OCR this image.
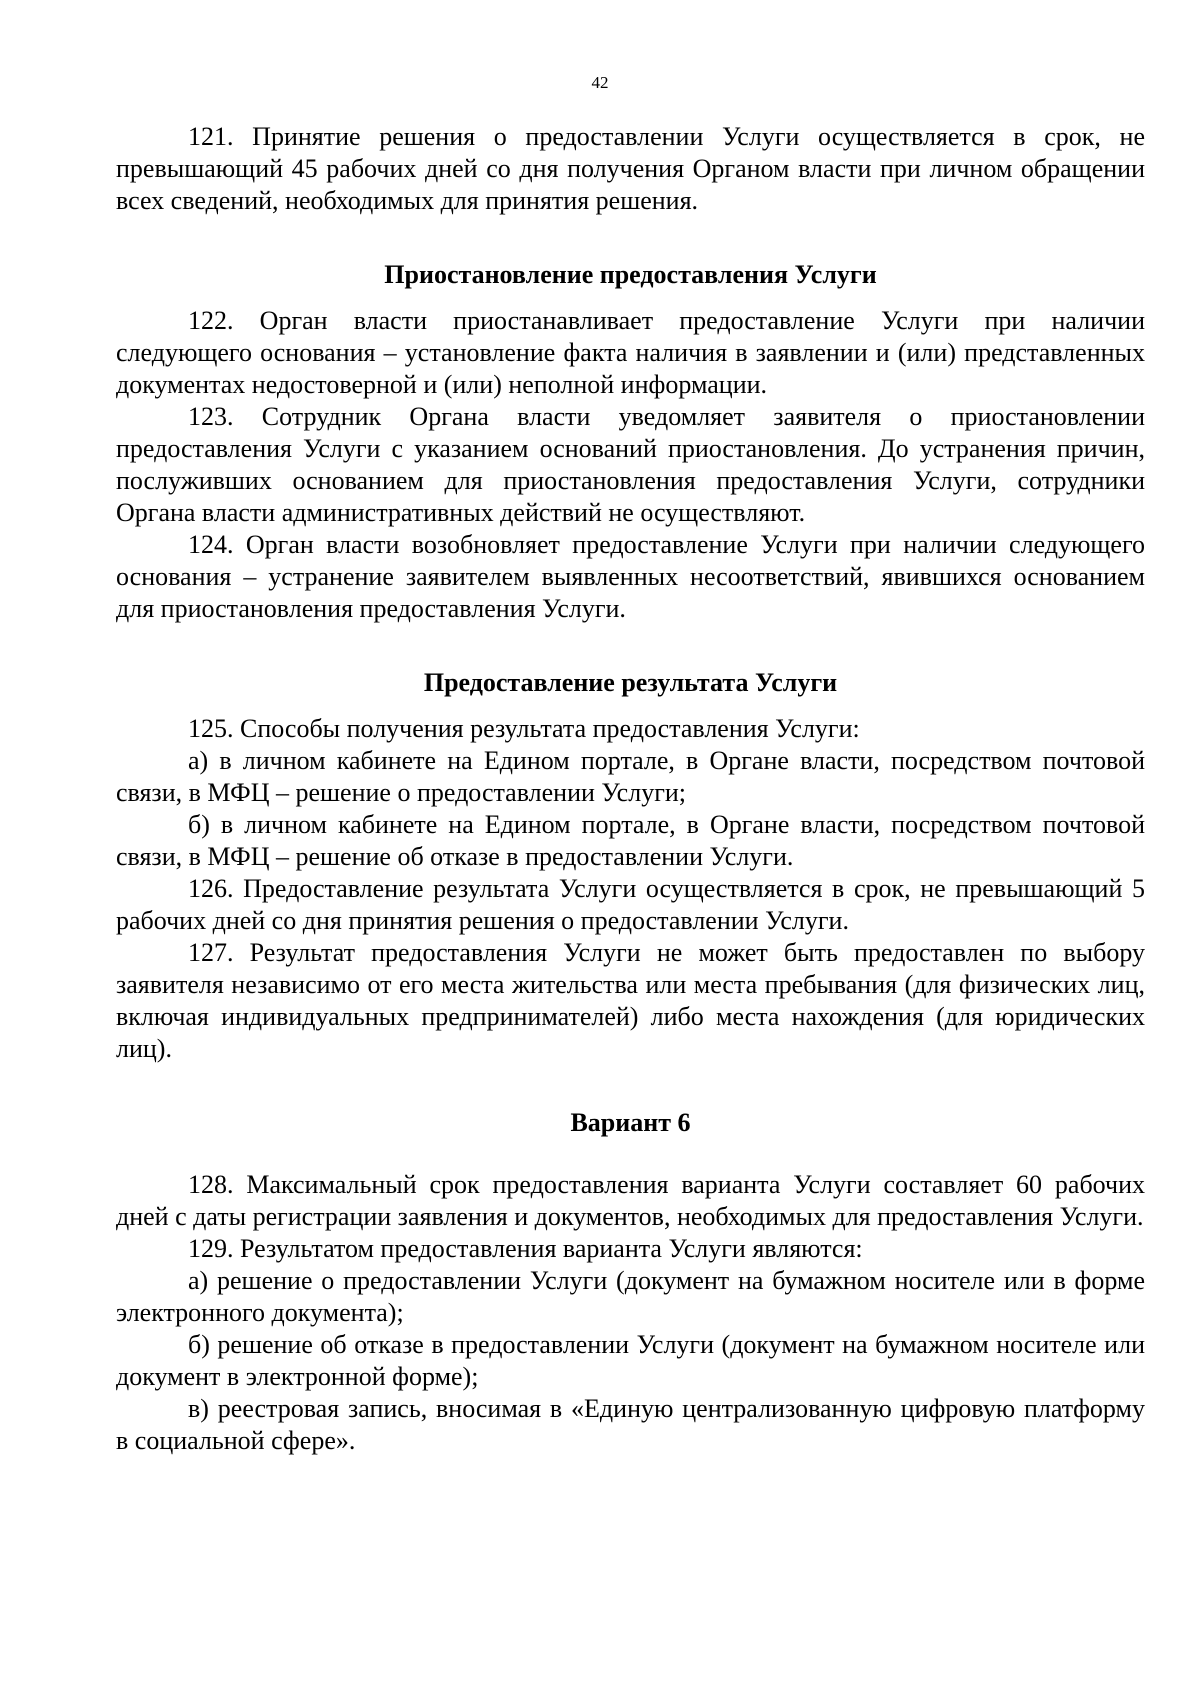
42

121. Принятие решения о предоставлении Услуги осуществляется в срок, не превышающий 45 рабочих дней со дня получения Органом власти при личном обращении всех сведений, необходимых для принятия решения.

Приостановление предоставления Услуги

122. Орган власти приостанавливает предоставление Услуги при наличии следующего основания – установление факта наличия в заявлении и (или) представленных документах недостоверной и (или) неполной информации.

123. Сотрудник Органа власти уведомляет заявителя о приостановлении предоставления Услуги с указанием оснований приостановления. До устранения причин, послуживших основанием для приостановления предоставления Услуги, сотрудники Органа власти административных действий не осуществляют.

124. Орган власти возобновляет предоставление Услуги при наличии следующего основания – устранение заявителем выявленных несоответствий, явившихся основанием для приостановления предоставления Услуги.

Предоставление результата Услуги

125. Способы получения результата предоставления Услуги:

а) в личном кабинете на Едином портале, в Органе власти, посредством почтовой связи, в МФЦ – решение о предоставлении Услуги;

б) в личном кабинете на Едином портале, в Органе власти, посредством почтовой связи, в МФЦ – решение об отказе в предоставлении Услуги.

126. Предоставление результата Услуги осуществляется в срок, не превышающий 5 рабочих дней со дня принятия решения о предоставлении Услуги.

127. Результат предоставления Услуги не может быть предоставлен по выбору заявителя независимо от его места жительства или места пребывания (для физических лиц, включая индивидуальных предпринимателей) либо места нахождения (для юридических лиц).

Вариант 6

128. Максимальный срок предоставления варианта Услуги составляет 60 рабочих дней с даты регистрации заявления и документов, необходимых для предоставления Услуги.

129. Результатом предоставления варианта Услуги являются:

а) решение о предоставлении Услуги (документ на бумажном носителе или в форме электронного документа);

б) решение об отказе в предоставлении Услуги (документ на бумажном носителе или документ в электронной форме);

в) реестровая запись, вносимая в «Единую централизованную цифровую платформу в социальной сфере».
